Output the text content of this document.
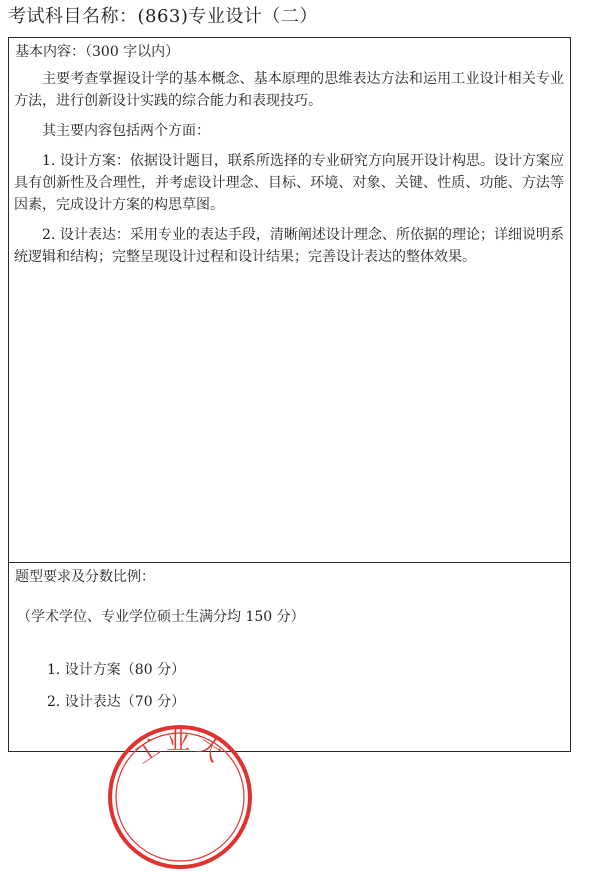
考试科目名称：(863)专业设计（二）
基本内容：（300 字以内）

主要考查掌握设计学的基本概念、基本原理的思维表达方法和运用工业设计相关专业方法，进行创新设计实践的综合能力和表现技巧。

其主要内容包括两个方面：

1. 设计方案：依据设计题目，联系所选择的专业研究方向展开设计构思。设计方案应具有创新性及合理性，并考虑设计理念、目标、环境、对象、关键、性质、功能、方法等因素，完成设计方案的构思草图。

2. 设计表达：采用专业的表达手段，清晰阐述设计理念、所依据的理论；详细说明系统逻辑和结构；完整呈现设计过程和设计结果；完善设计表达的整体效果。

题型要求及分数比例：
（学术学位、专业学位硕士生满分均 150 分）
1. 设计方案（80 分）
2. 设计表达（70 分）
工业大
